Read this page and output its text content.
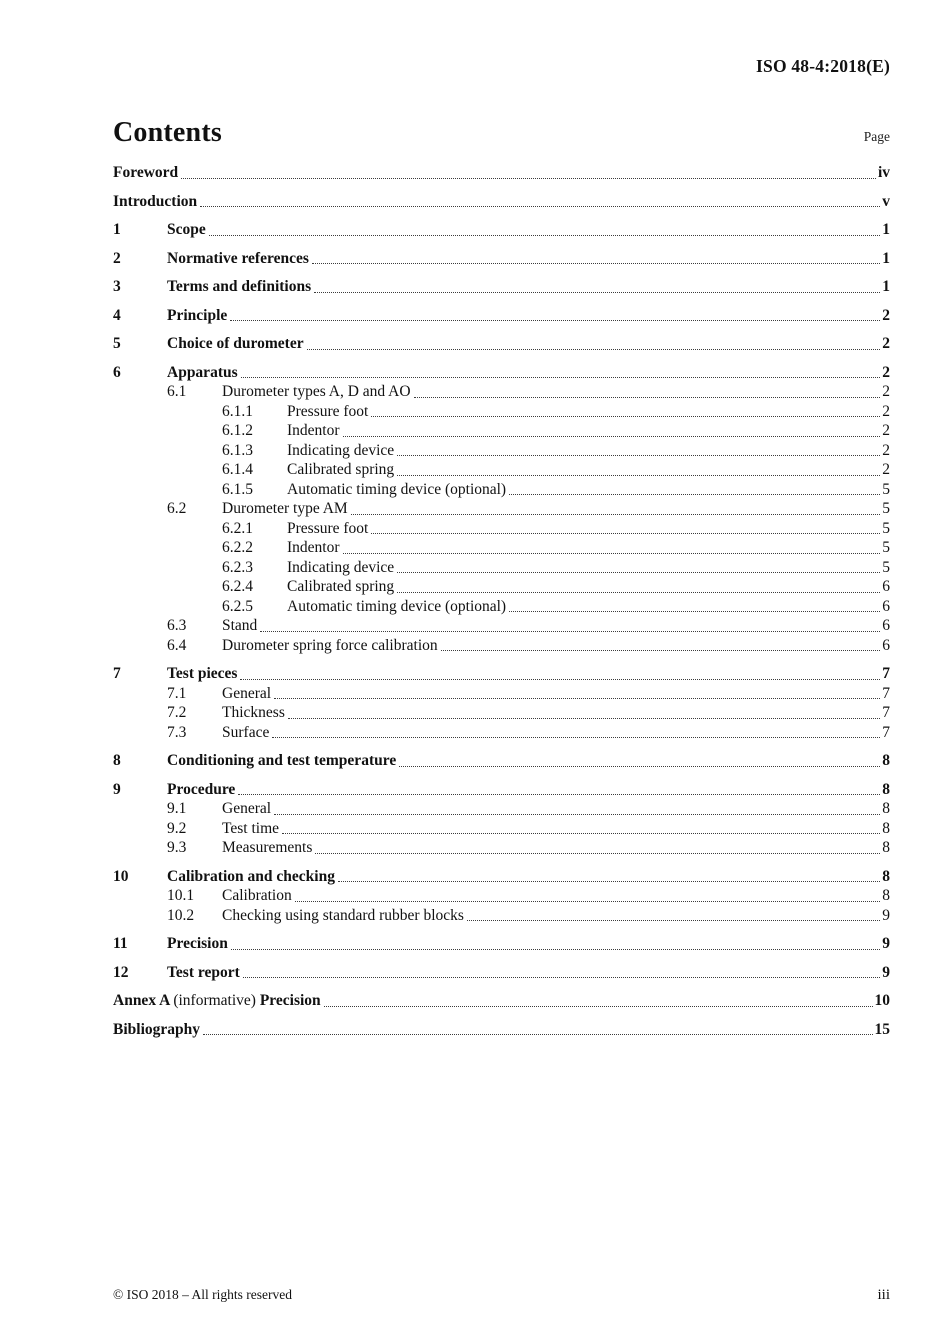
ISO 48-4:2018(E)
Contents	Page
Foreword	iv
Introduction	v
1	Scope	1
2	Normative references	1
3	Terms and definitions	1
4	Principle	2
5	Choice of durometer	2
6	Apparatus	2
6.1	Durometer types A, D and AO	2
6.1.1	Pressure foot	2
6.1.2	Indentor	2
6.1.3	Indicating device	2
6.1.4	Calibrated spring	2
6.1.5	Automatic timing device (optional)	5
6.2	Durometer type AM	5
6.2.1	Pressure foot	5
6.2.2	Indentor	5
6.2.3	Indicating device	5
6.2.4	Calibrated spring	6
6.2.5	Automatic timing device (optional)	6
6.3	Stand	6
6.4	Durometer spring force calibration	6
7	Test pieces	7
7.1	General	7
7.2	Thickness	7
7.3	Surface	7
8	Conditioning and test temperature	8
9	Procedure	8
9.1	General	8
9.2	Test time	8
9.3	Measurements	8
10	Calibration and checking	8
10.1	Calibration	8
10.2	Checking using standard rubber blocks	9
11	Precision	9
12	Test report	9
Annex A (informative) Precision	10
Bibliography	15
© ISO 2018 – All rights reserved	iii
